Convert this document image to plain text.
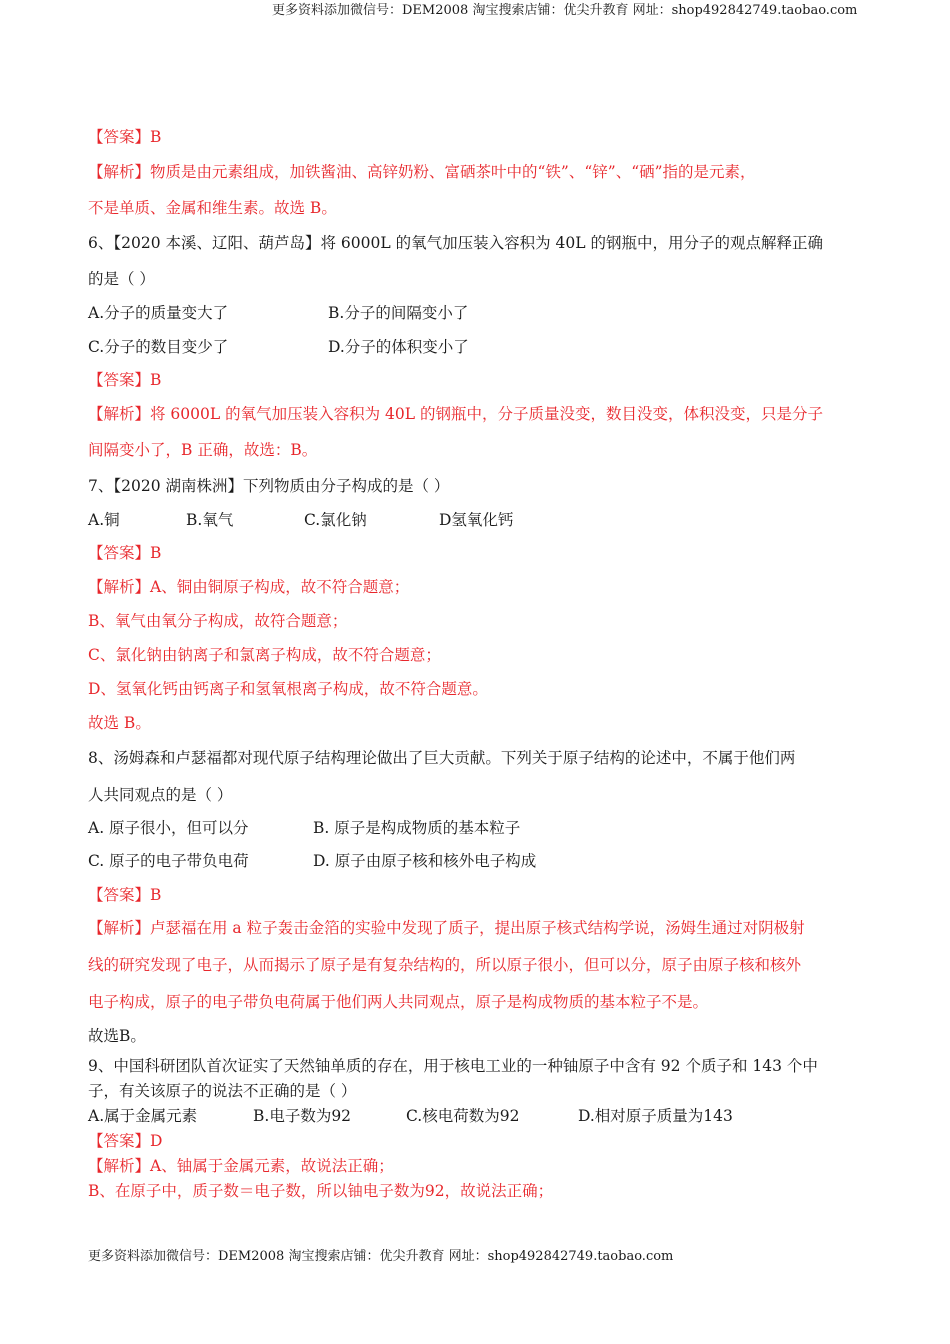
更多资料添加微信号：DEM2008 淘宝搜索店铺：优尖升教育 网址：shop492842749.taobao.com
【答案】B
【解析】物质是由元素组成，加铁酱油、高锌奶粉、富硒茶叶中的“铁”、“锌”、“硒”指的是元素，
不是单质、金属和维生素。故选 B。
6、【2020 本溪、辽阳、葫芦岛】将 6000L 的氧气加压装入容积为 40L 的钢瓶中，用分子的观点解释正确
的是（ ）
A.分子的质量变大了	B.分子的间隔变小了
C.分子的数目变少了	D.分子的体积变小了
【答案】B
【解析】将 6000L 的氧气加压装入容积为 40L 的钢瓶中，分子质量没变，数目没变，体积没变，只是分子
间隔变小了，B 正确，故选：B。
7、【2020 湖南株洲】下列物质由分子构成的是（ ）
A.铜	B.氧气	C.氯化钠	D氢氧化钙
【答案】B
【解析】A、铜由铜原子构成，故不符合题意；
B、氧气由氧分子构成，故符合题意；
C、氯化钠由钠离子和氯离子构成，故不符合题意；
D、氢氧化钙由钙离子和氢氧根离子构成，故不符合题意。
故选 B。
8、汤姆森和卢瑟福都对现代原子结构理论做出了巨大贡献。下列关于原子结构的论述中，不属于他们两
人共同观点的是（ ）
A. 原子很小，但可以分	B. 原子是构成物质的基本粒子
C. 原子的电子带负电荷	D. 原子由原子核和核外电子构成
【答案】B
【解析】卢瑟福在用 a 粒子轰击金箔的实验中发现了质子，提出原子核式结构学说，汤姆生通过对阴极射
线的研究发现了电子，从而揭示了原子是有复杂结构的，所以原子很小，但可以分，原子由原子核和核外
电子构成，原子的电子带负电荷属于他们两人共同观点，原子是构成物质的基本粒子不是。
故选B。
9、中国科研团队首次证实了天然铀单质的存在，用于核电工业的一种铀原子中含有 92 个质子和 143 个中
子，有关该原子的说法不正确的是（ ）
A.属于金属元素	B.电子数为92	C.核电荷数为92	D.相对原子质量为143
【答案】D
【解析】A、铀属于金属元素，故说法正确；
B、在原子中，质子数＝电子数，所以铀电子数为92，故说法正确；
更多资料添加微信号：DEM2008 淘宝搜索店铺：优尖升教育 网址：shop492842749.taobao.com
